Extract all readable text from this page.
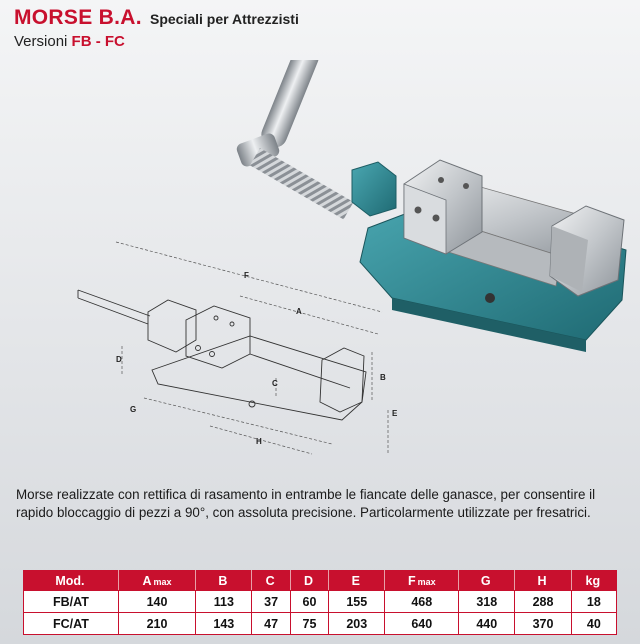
MORSE B.A. Speciali per Attrezzisti
Versioni FB - FC
F
A
B
E
D
C
G
H
Morse realizzate con rettifica di rasamento in entrambe le fiancate delle ganasce, per consentire il rapido bloccaggio di pezzi a 90°, con assoluta precisione. Particolarmente utilizzate per fresatrici.
Mod.	A max	B	C	D	E	F max	G	H	kg
FB/AT	140	113	37	60	155	468	318	288	18
FC/AT	210	143	47	75	203	640	440	370	40
